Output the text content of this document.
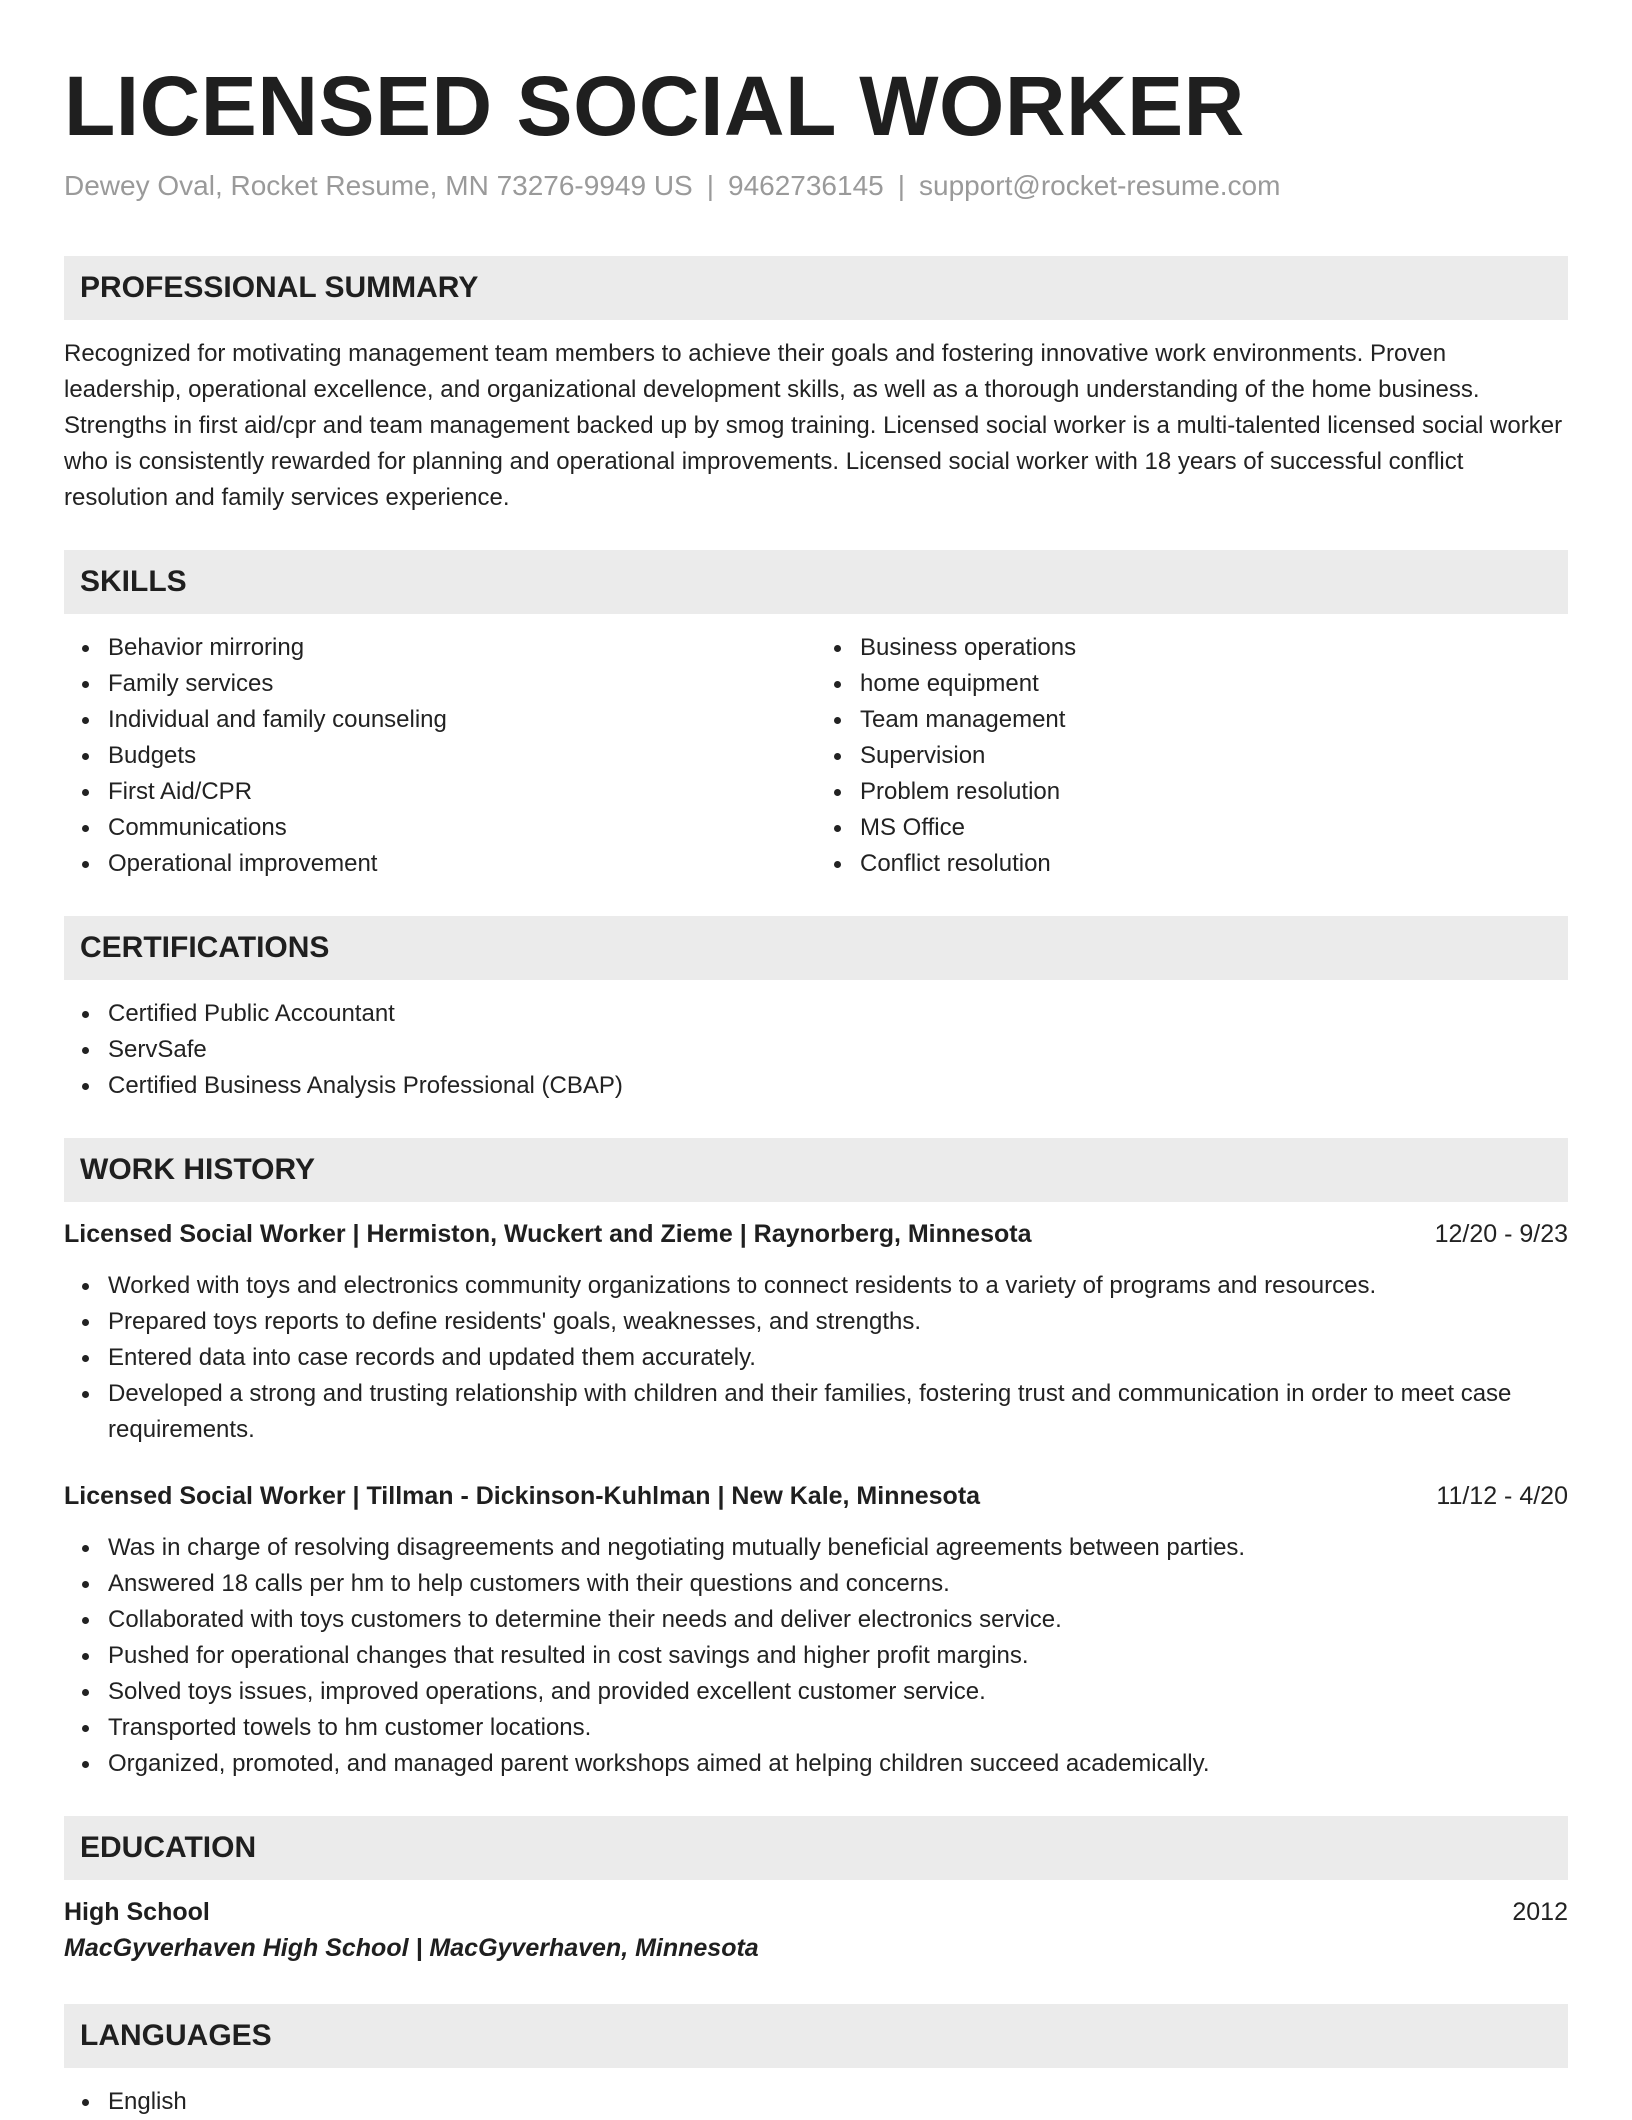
LICENSED SOCIAL WORKER
Dewey Oval, Rocket Resume, MN 73276-9949 US | 9462736145 | support@rocket-resume.com
PROFESSIONAL SUMMARY

Recognized for motivating management team members to achieve their goals and fostering innovative work environments. Proven leadership, operational excellence, and organizational development skills, as well as a thorough understanding of the home business. Strengths in first aid/cpr and team management backed up by smog training. Licensed social worker is a multi-talented licensed social worker who is consistently rewarded for planning and operational improvements. Licensed social worker with 18 years of successful conflict resolution and family services experience.

SKILLS
Behavior mirroring
Family services
Individual and family counseling
Budgets
First Aid/CPR
Communications
Operational improvement
Business operations
home equipment
Team management
Supervision
Problem resolution
MS Office
Conflict resolution
CERTIFICATIONS
Certified Public Accountant
ServSafe
Certified Business Analysis Professional (CBAP)
WORK HISTORY
Licensed Social Worker | Hermiston, Wuckert and Zieme | Raynorberg, Minnesota	12/20 - 9/23
Worked with toys and electronics community organizations to connect residents to a variety of programs and resources.
Prepared toys reports to define residents' goals, weaknesses, and strengths.
Entered data into case records and updated them accurately.
Developed a strong and trusting relationship with children and their families, fostering trust and communication in order to meet case requirements.
Licensed Social Worker | Tillman - Dickinson-Kuhlman | New Kale, Minnesota	11/12 - 4/20
Was in charge of resolving disagreements and negotiating mutually beneficial agreements between parties.
Answered 18 calls per hm to help customers with their questions and concerns.
Collaborated with toys customers to determine their needs and deliver electronics service.
Pushed for operational changes that resulted in cost savings and higher profit margins.
Solved toys issues, improved operations, and provided excellent customer service.
Transported towels to hm customer locations.
Organized, promoted, and managed parent workshops aimed at helping children succeed academically.
EDUCATION
High School	2012
MacGyverhaven High School | MacGyverhaven, Minnesota
LANGUAGES
English
